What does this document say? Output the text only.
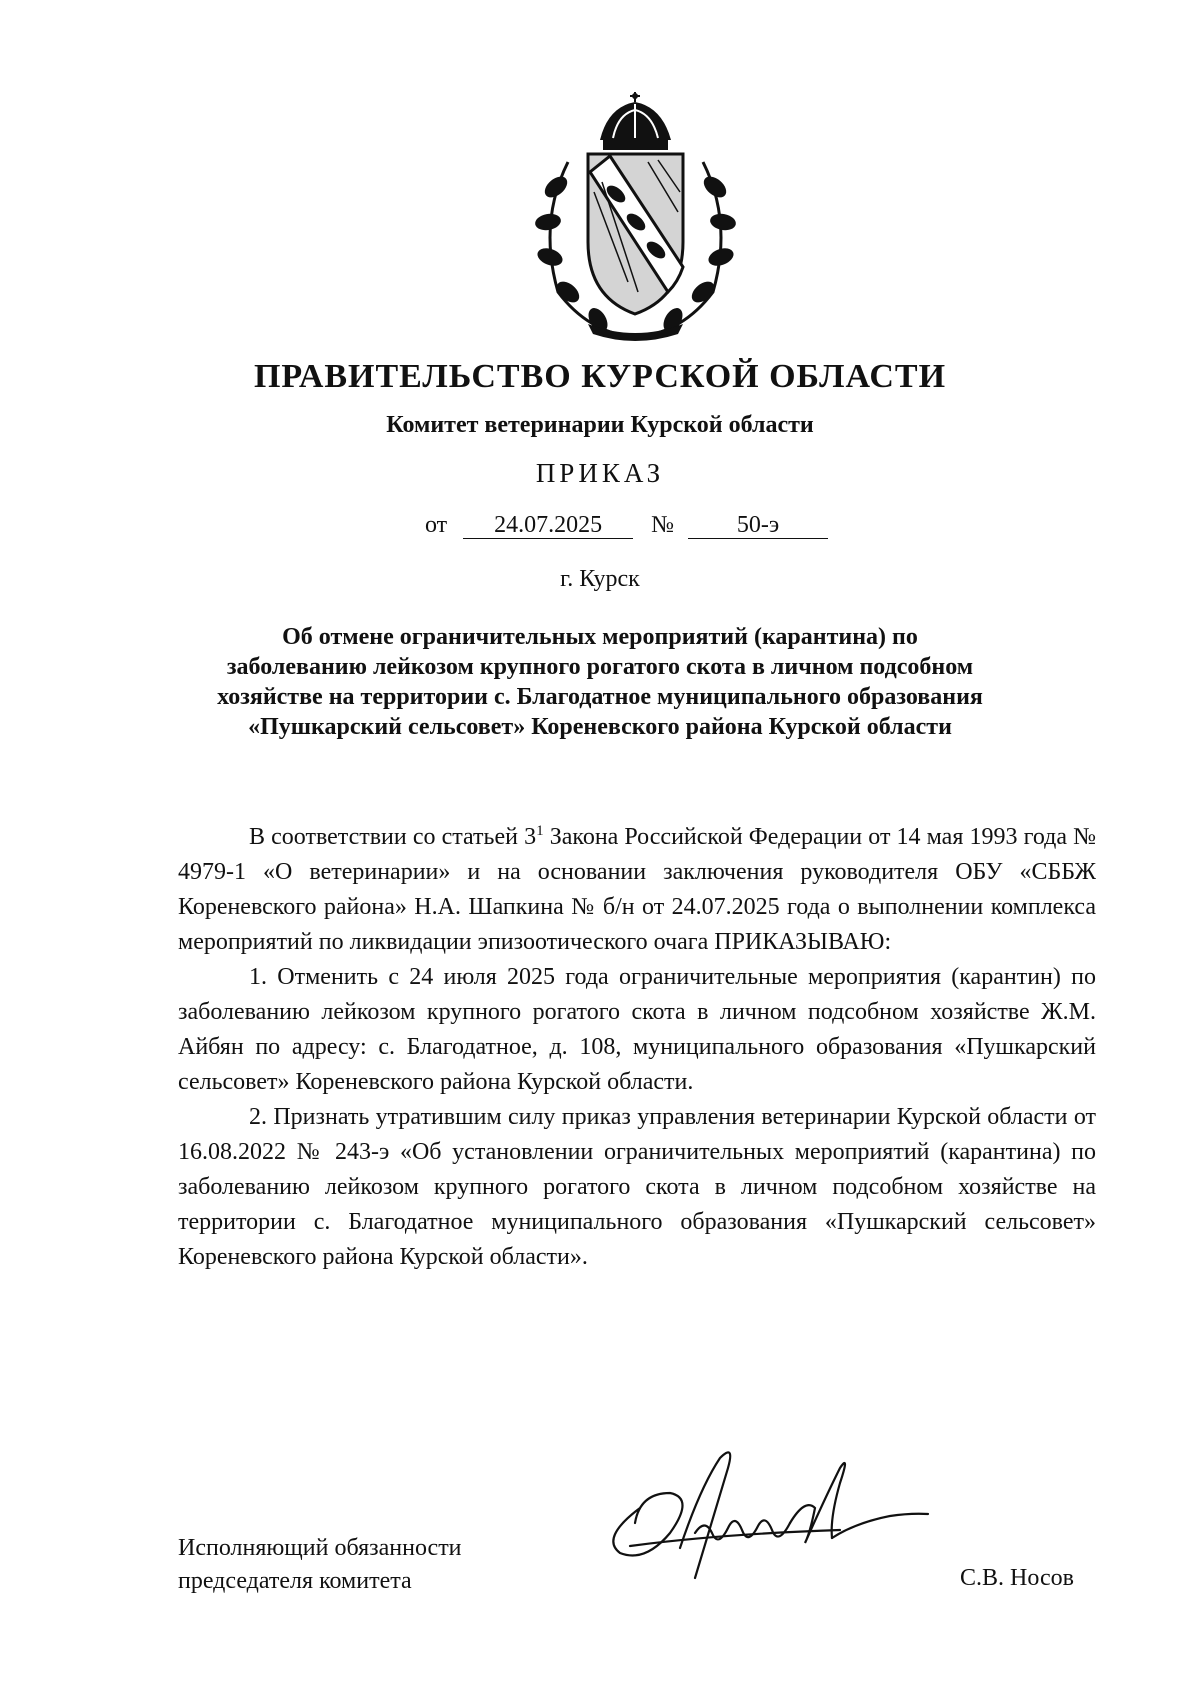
ПРАВИТЕЛЬСТВО КУРСКОЙ ОБЛАСТИ
Комитет ветеринарии Курской области
ПРИКАЗ
от 24.07.2025 №	50-э
г. Курск
Об отмене ограничительных мероприятий (карантина) по
заболеванию лейкозом крупного рогатого скота в личном подсобном
хозяйстве на территории с. Благодатное муниципального образования
«Пушкарский сельсовет» Кореневского района Курской области

В соответствии со статьей $3^1$ Закона Российской Федерации от 14 мая 1993 года № 4979-1 «О ветеринарии» и на основании заключения руководителя ОБУ «СББЖ Кореневского района» Н.А. Шапкина № б/н от 24.07.2025 года о выполнении комплекса мероприятий по ликвидации эпизоотического очага ПРИКАЗЫВАЮ:

1. Отменить с 24 июля 2025 года ограничительные мероприятия (карантин) по заболеванию лейкозом крупного рогатого скота в личном подсобном хозяйстве Ж.М. Айбян по адресу: с. Благодатное, д. 108, муниципального образования «Пушкарский сельсовет» Кореневского района Курской области.

2. Признать утратившим силу приказ управления ветеринарии Курской области от 16.08.2022 № 243-э «Об установлении ограничительных мероприятий (карантина) по заболеванию лейкозом крупного рогатого скота в личном подсобном хозяйстве на территории с. Благодатное муниципального образования «Пушкарский сельсовет» Кореневского района Курской области».

Исполняющий обязанности
председателя комитета	С.В. Носов
